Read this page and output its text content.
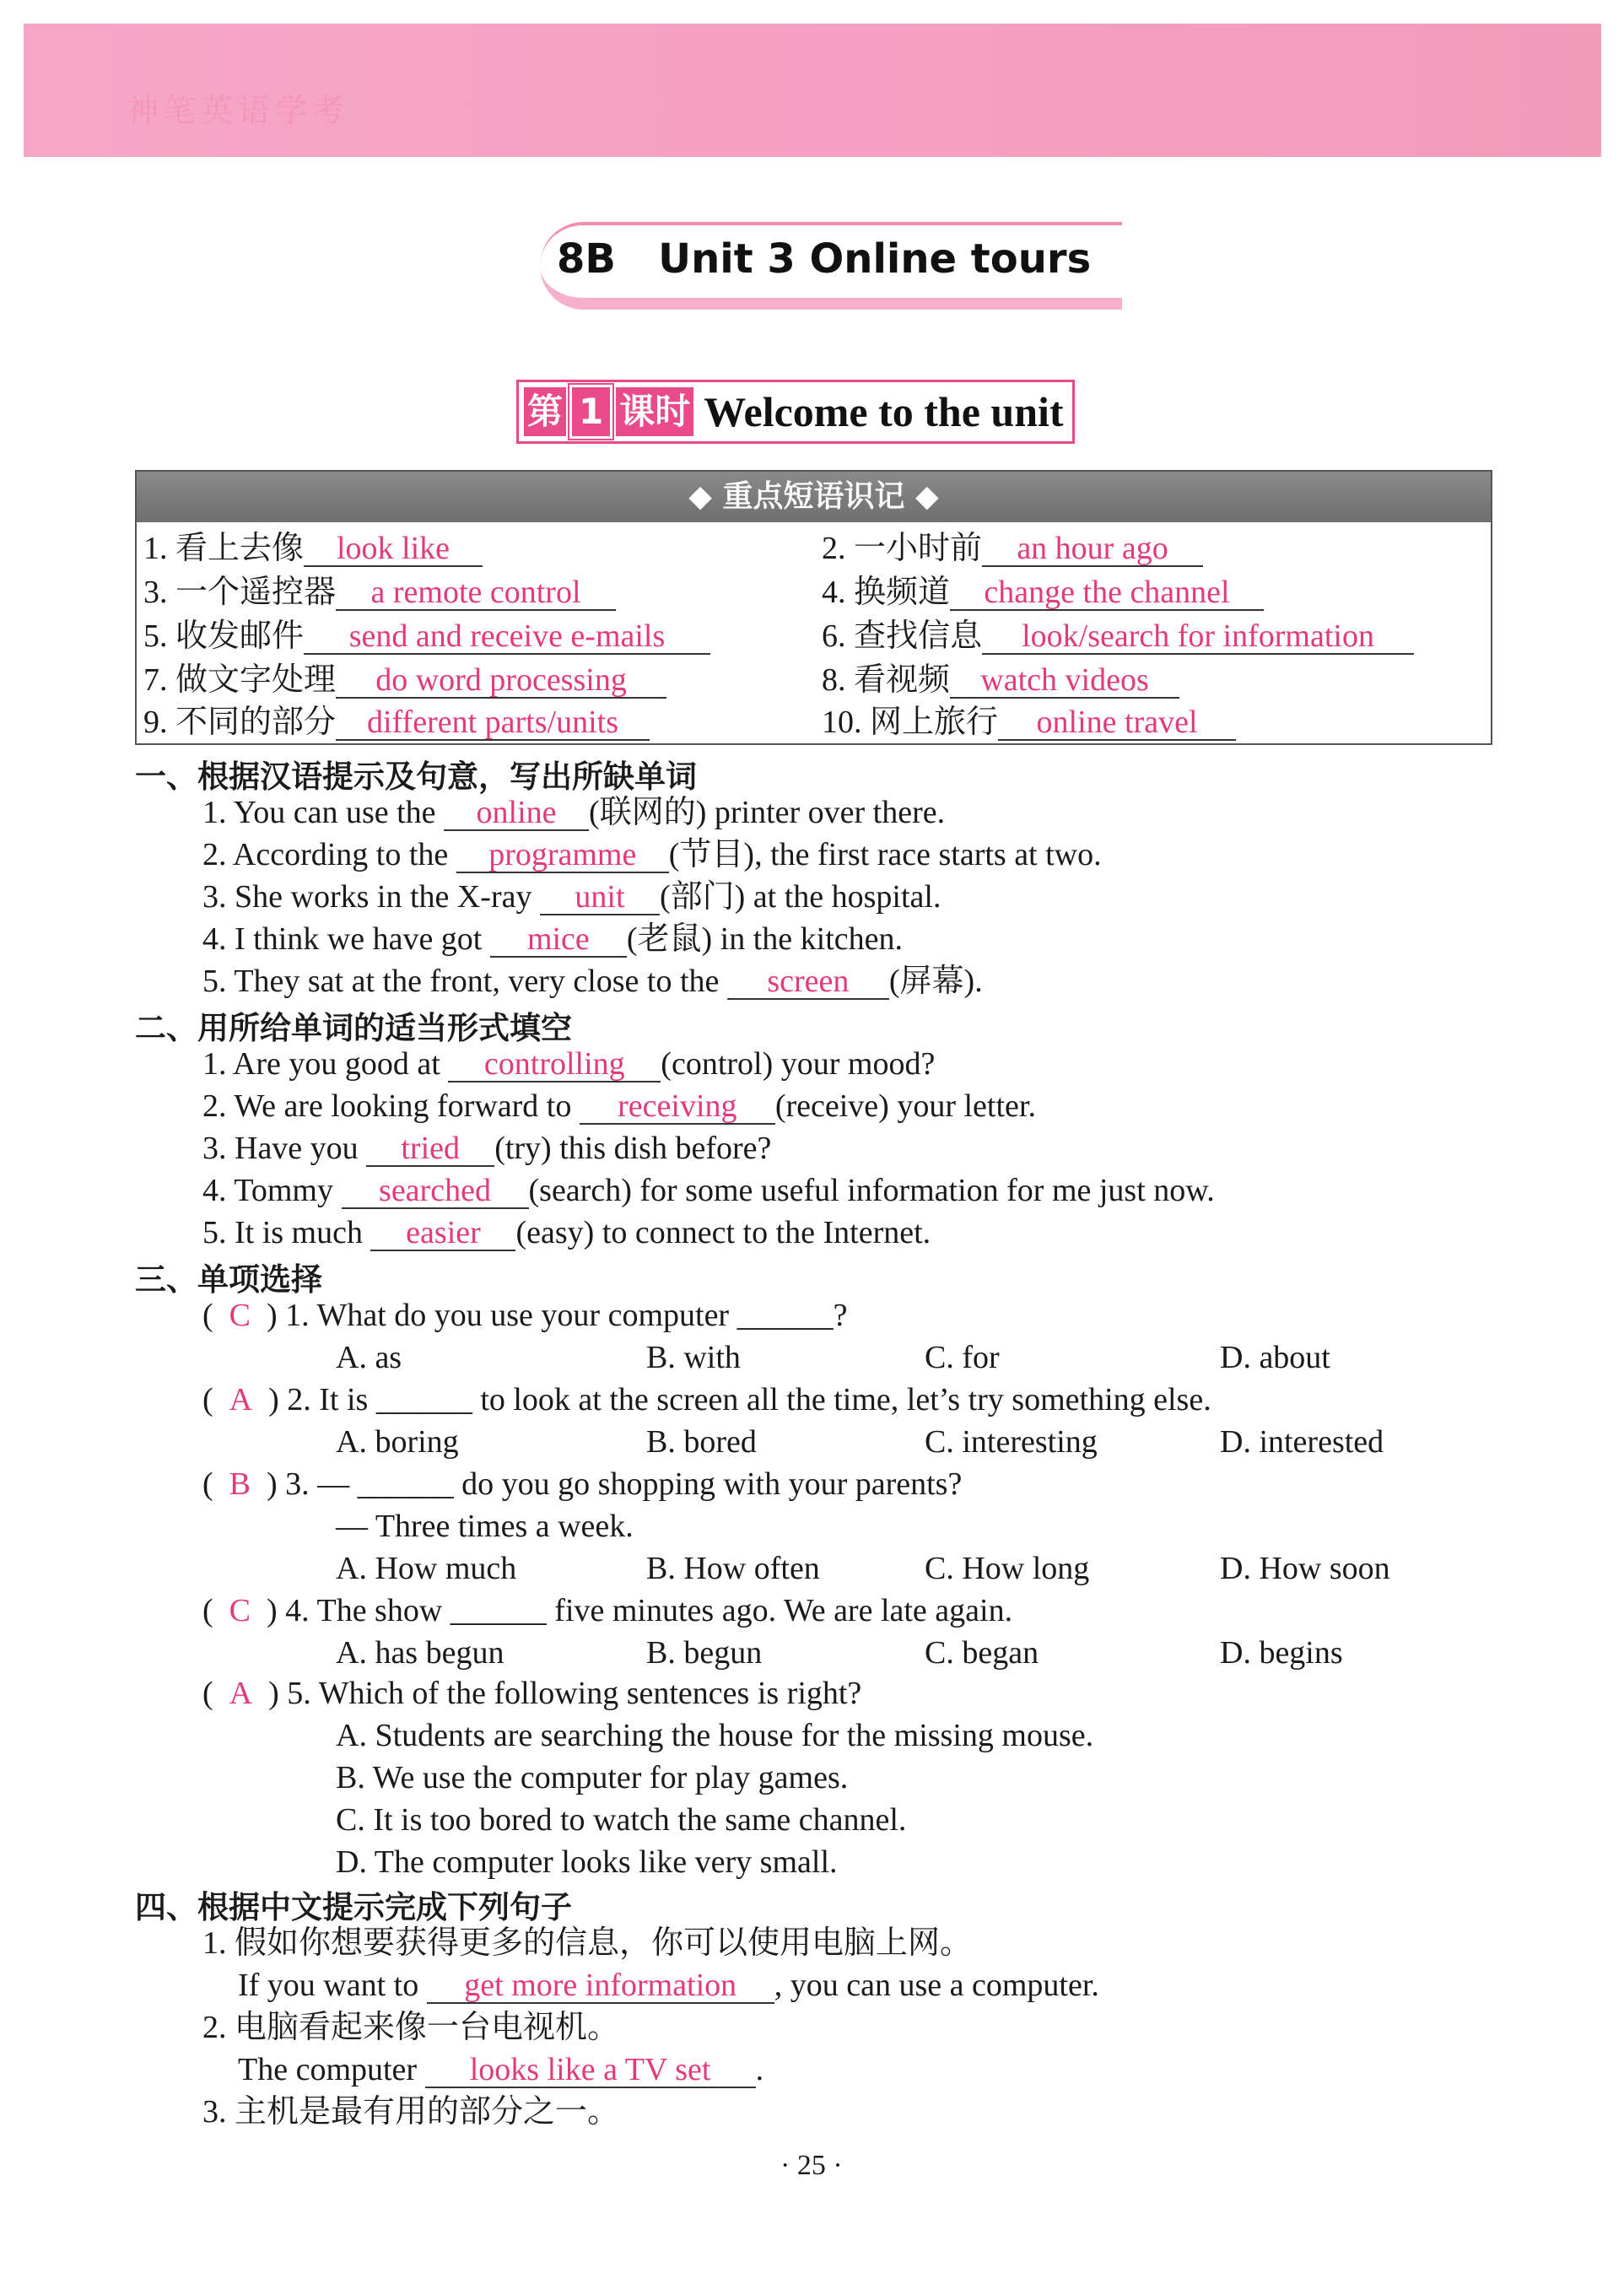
神笔英语学考
8B   Unit 3 Online tours
第 1 课时 Welcome to the unit
◆ 重点短语识记 ◆
1. 看上去像 look like	2. 一小时前 an hour ago
3. 一个遥控器 a remote control	4. 换频道 change the channel
5. 收发邮件 send and receive e-mails	6. 查找信息 look/search for information
7. 做文字处理 do word processing	8. 看视频 watch videos
9. 不同的部分 different parts/units	10. 网上旅行 online travel
一、根据汉语提示及句意，写出所缺单词
1. You can use the online (联网的) printer over there.
2. According to the programme (节目), the first race starts at two.
3. She works in the X-ray unit (部门) at the hospital.
4. I think we have got mice (老鼠) in the kitchen.
5. They sat at the front, very close to the screen (屏幕).
二、用所给单词的适当形式填空
1. Are you good at controlling (control) your mood?
2. We are looking forward to receiving (receive) your letter.
3. Have you tried (try) this dish before?
4. Tommy searched (search) for some useful information for me just now.
5. It is much easier (easy) to connect to the Internet.
三、单项选择
(  C ) 1. What do you use your computer ______?
A. as	B. with	C. for	D. about
(  A ) 2. It is ______ to look at the screen all the time, let’s try something else.
A. boring	B. bored	C. interesting	D. interested
(  B ) 3. — ______ do you go shopping with your parents?
— Three times a week.
A. How much	B. How often	C. How long	D. How soon
(  C ) 4. The show ______ five minutes ago. We are late again.
A. has begun	B. begun	C. began	D. begins
(  A ) 5. Which of the following sentences is right?
A. Students are searching the house for the missing mouse.
B. We use the computer for play games.
C. It is too bored to watch the same channel.
D. The computer looks like very small.
四、根据中文提示完成下列句子
1. 假如你想要获得更多的信息，你可以使用电脑上网。
If you want to get more information , you can use a computer.
2. 电脑看起来像一台电视机。
The computer looks like a TV set .
3. 主机是最有用的部分之一。
· 25 ·
